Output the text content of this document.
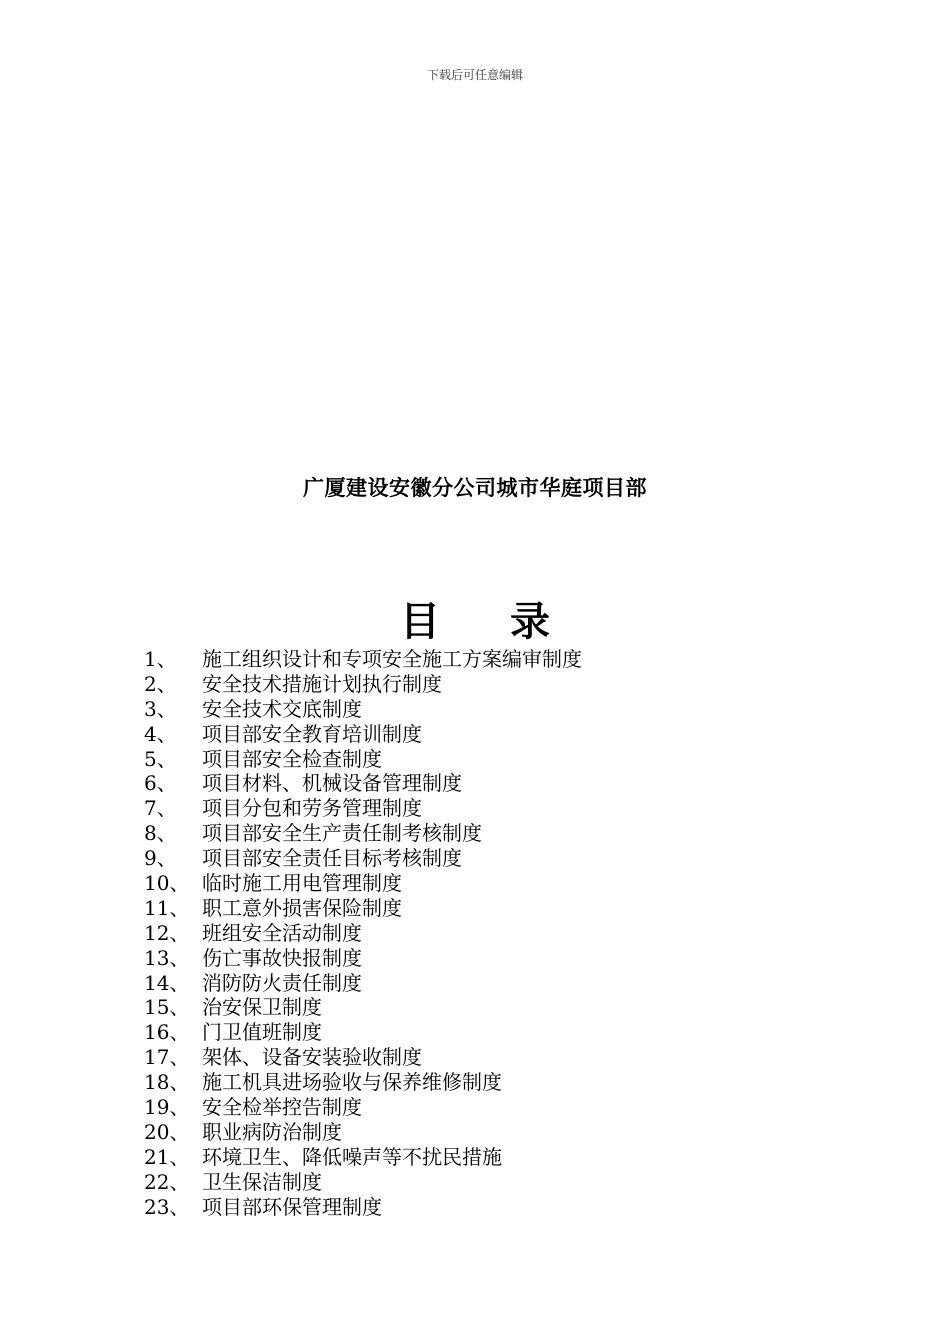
下载后可任意编辑
广厦建设安徽分公司城市华庭项目部
目 录
1、	施工组织设计和专项安全施工方案编审制度
2、	安全技术措施计划执行制度
3、	安全技术交底制度
4、	项目部安全教育培训制度
5、	项目部安全检查制度
6、	项目材料、机械设备管理制度
7、	项目分包和劳务管理制度
8、	项目部安全生产责任制考核制度
9、	项目部安全责任目标考核制度
10、 临时施工用电管理制度
11、 职工意外损害保险制度
12、 班组安全活动制度
13、 伤亡事故快报制度
14、 消防防火责任制度
15、 治安保卫制度
16、 门卫值班制度
17、 架体、设备安装验收制度
18、 施工机具进场验收与保养维修制度
19、 安全检举控告制度
20、 职业病防治制度
21、 环境卫生、降低噪声等不扰民措施
22、 卫生保洁制度
23、 项目部环保管理制度
